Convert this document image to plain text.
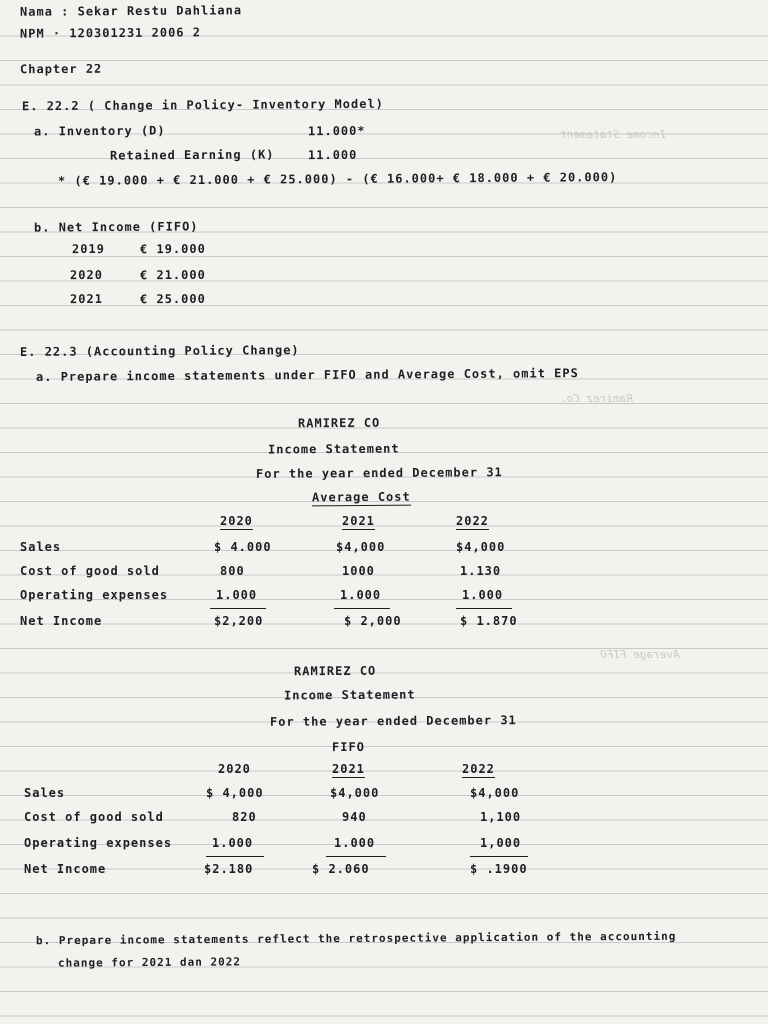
Income Statement
Ramirez Co.
Average FIFO
Nama : Sekar Restu Dahliana
NPM · 120301231 2006 2
Chapter 22
E. 22.2 ( Change in Policy- Inventory Model)
a. Inventory (D)	11.000*
Retained Earning (K)	11.000
* (€ 19.000 + € 21.000 + € 25.000) - (€ 16.000+ € 18.000 + € 20.000)
b. Net Income (FIFO)
2019	€ 19.000
2020	€ 21.000
2021	€ 25.000
E. 22.3 (Accounting Policy Change)
a. Prepare income statements under FIFO and Average Cost, omit EPS
RAMIREZ CO
Income Statement
For the year ended December 31
Average Cost
2020	2021	2022
Sales	$ 4.000	$4,000	$4,000
Cost of good sold	800	1000	1.130
Operating expenses	1.000	1.000	1.000
Net Income	$2,200	$ 2,000	$ 1.870
RAMIREZ CO
Income Statement
For the year ended December 31
FIFO
2020	2021	2022
Sales	$ 4,000	$4,000	$4,000
Cost of good sold	820	940	1,100
Operating expenses	1.000	1.000	1,000
Net Income	$2.180	$ 2.060	$ .1900
b. Prepare income statements reflect the retrospective application of the accounting
change for 2021 dan 2022
